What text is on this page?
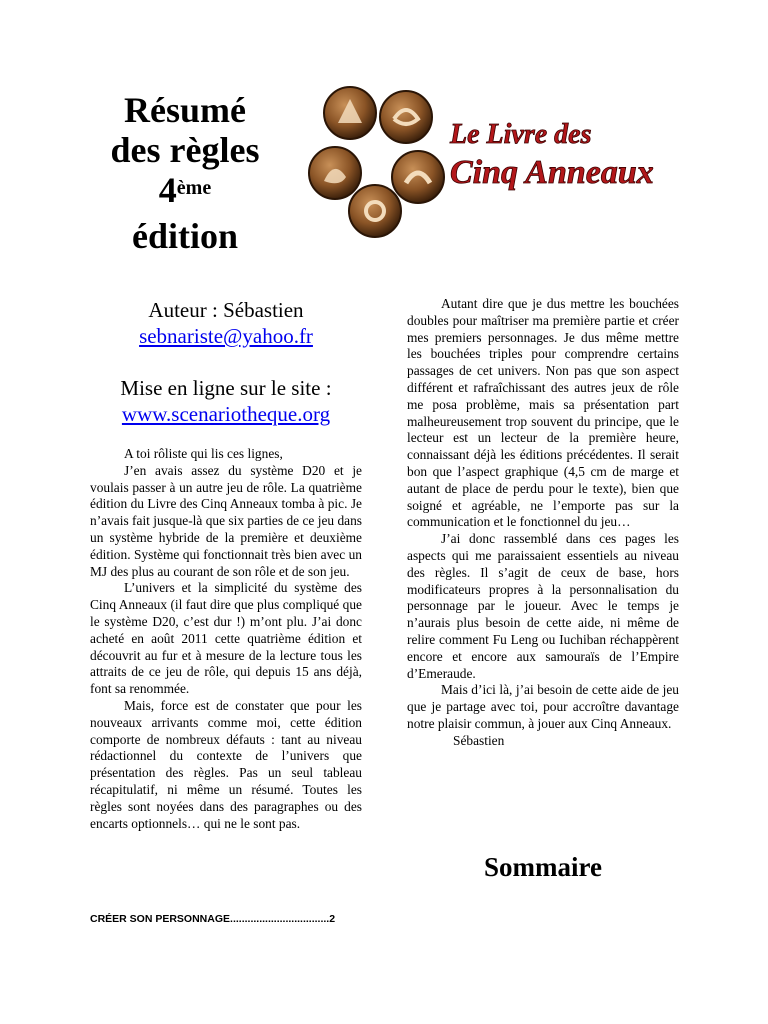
Résumé
des règles
4ème
édition
Le Livre des
Cinq Anneaux
Auteur : Sébastien
sebnariste@yahoo.fr
Mise en ligne sur le site :
www.scenariotheque.org

A toi rôliste qui lis ces lignes,

J’en avais assez du système D20 et je voulais passer à un autre jeu de rôle. La quatrième édition du Livre des Cinq Anneaux tomba à pic. Je n’avais fait jusque-là que six parties de ce jeu dans un système hybride de la première et deuxième édition. Système qui fonctionnait très bien avec un MJ des plus au courant de son rôle et de son jeu.

L’univers et la simplicité du système des Cinq Anneaux (il faut dire que plus compliqué que le système D20, c’est dur !) m’ont plu. J’ai donc acheté en août 2011 cette quatrième édition et découvrit au fur et à mesure de la lecture tous les attraits de ce jeu de rôle, qui depuis 15 ans déjà, font sa renommée.

Mais, force est de constater que pour les nouveaux arrivants comme moi, cette édition comporte de nombreux défauts : tant au niveau rédactionnel du contexte de l’univers que présentation des règles. Pas un seul tableau récapitulatif, ni même un résumé. Toutes les règles sont noyées dans des paragraphes ou des encarts optionnels… qui ne le sont pas.

Autant dire que je dus mettre les bouchées doubles pour maîtriser ma première partie et créer mes premiers personnages. Je dus même mettre les bouchées triples pour comprendre certains passages de cet univers. Non pas que son aspect différent et rafraîchissant des autres jeux de rôle me posa problème, mais sa présentation part malheureusement trop souvent du principe, que le lecteur est un lecteur de la première heure, connaissant déjà les éditions précédentes. Il serait bon que l’aspect graphique (4,5 cm de marge et autant de place de perdu pour le texte), bien que soigné et agréable, ne l’emporte pas sur la communication et le fonctionnel du jeu…

J’ai donc rassemblé dans ces pages les aspects qui me paraissaient essentiels au niveau des règles. Il s’agit de ceux de base, hors modificateurs propres à la personnalisation du personnage par le joueur. Avec le temps je n’aurais plus besoin de cette aide, ni même de relire comment Fu Leng ou Iuchiban réchappèrent encore et encore aux samouraïs de l’Empire d’Emeraude.

Mais d’ici là, j’ai besoin de cette aide de jeu que je partage avec toi, pour accroître davantage notre plaisir commun, à jouer aux Cinq Anneaux.

Sébastien

Sommaire
CRÉER SON PERSONNAGE..................................2
